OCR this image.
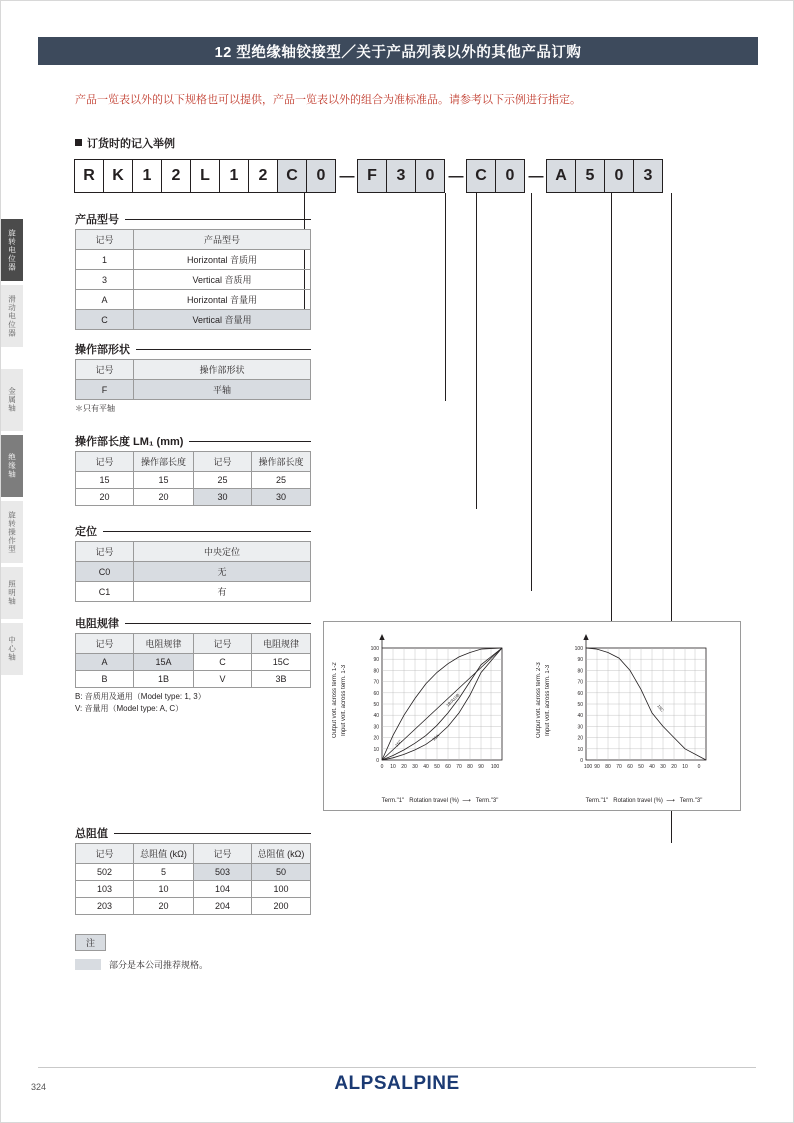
12 型绝缘轴铰接型／关于产品列表以外的其他产品订购
产品一览表以外的以下规格也可以提供，产品一览表以外的组合为准标准品。请参考以下示例进行指定。
旋转电位器
滑动电位器
金属轴
绝缘轴
旋转操作型
照明轴
中心轴
订货时的记入举例
R	K	1	2	L	1	2	C	0 — F	3	0 — C	0 — A	5	0	3
产品型号
记号	产品型号
1	Horizontal 音质用
3	Vertical 音质用
A	Horizontal 音量用
C	Vertical 音量用
操作部形状
记号	操作部形状
F	平轴
＊只有平轴
操作部长度 LM₁ (mm)
记号	操作部长度	记号	操作部长度
15	15	25	25
20	20	30	30
定位
记号	中央定位
C0	无
C1	有
电阻规律
记号	电阻规律	记号	电阻规律
A	15A	C	15C
B	1B	V	3B
B: 音质用及通用（Model type: 1, 3）
V: 音量用（Model type: A, C）
总阻值
记号	总阻值 (kΩ)	记号	总阻值 (kΩ)
502	5	503	50
103	10	104	100
203	20	204	200
Output volt. across term. 1-2 Input volt. across term. 1-3
100
90
80
70
60
50
40
30
20
10
0
0 10 20 30 40 50 60 70 80 90 100
15C
15A
1B/A10B
Term."1" Rotation travel (%)  ⟶   Term."3"
Output volt. across term. 2-3 Input volt. across term. 1-3
100
90
80
70
60
50
40
30
20
10
0
100 90 80 70 60 50 40 30 20 10 0
15C
Term."1" Rotation travel (%)  ⟶   Term."3"
注
部分是本公司推荐规格。
324	ALPSALPINE
